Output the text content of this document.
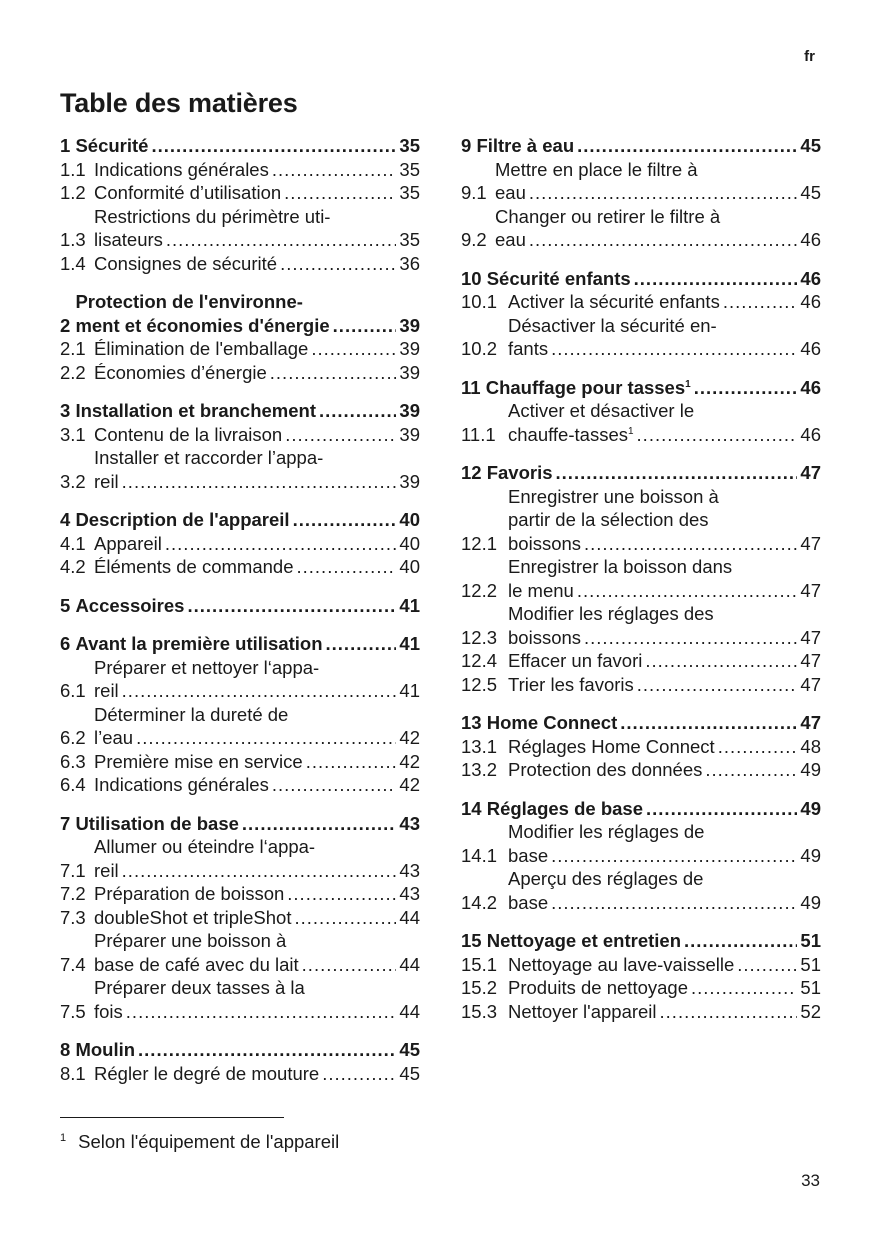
fr
Table des matières
1 Sécurité .....	35
1.1 Indications générales .....	35
1.2 Conformité d’utilisation .....	35
1.3
Restrictions du périmètre uti-
lisateurs .....	35
1.4 Consignes de sécurité .....	36
2
Protection de l'environne-
ment et économies d'énergie .....	39
2.1 Élimination de l'emballage .....	39
2.2 Économies d’énergie .....	39
3 Installation et branchement .....	39
3.1 Contenu de la livraison .....	39
3.2
Installer et raccorder l’appa-
reil .....	39
4 Description de l'appareil .....	40
4.1 Appareil .....	40
4.2 Éléments de commande .....	40
5 Accessoires .....	41
6 Avant la première utilisation .....	41
6.1
Préparer et nettoyer l‘appa-
reil .....	41
6.2
Déterminer la dureté de
l’eau .....	42
6.3 Première mise en service .....	42
6.4 Indications générales .....	42
7 Utilisation de base .....	43
7.1
Allumer ou éteindre l‘appa-
reil .....	43
7.2 Préparation de boisson .....	43
7.3 doubleShot et tripleShot .....	44
7.4
Préparer une boisson à
base de café avec du lait .....	44
7.5
Préparer deux tasses à la
fois .....	44
8 Moulin .....	45
8.1 Régler le degré de mouture .....	45
9 Filtre à eau .....	45
9.1
Mettre en place le filtre à
eau .....	45
9.2
Changer ou retirer le filtre à
eau .....	46
10 Sécurité enfants .....	46
10.1 Activer la sécurité enfants .....	46
10.2
Désactiver la sécurité en-
fants .....	46
11 Chauffage pour tasses$^1$ .....	46
11.1
Activer et désactiver le
chauffe-tasses$^1$ .....	46
12 Favoris .....	47
12.1
Enregistrer une boisson à
partir de la sélection des
boissons .....	47
12.2
Enregistrer la boisson dans
le menu .....	47
12.3
Modifier les réglages des
boissons .....	47
12.4 Effacer un favori .....	47
12.5 Trier les favoris .....	47
13 Home Connect .....	47
13.1 Réglages Home Connect .....	48
13.2 Protection des données .....	49
14 Réglages de base .....	49
14.1
Modifier les réglages de
base .....	49
14.2
Aperçu des réglages de
base .....	49
15 Nettoyage et entretien .....	51
15.1 Nettoyage au lave-vaisselle .....	51
15.2 Produits de nettoyage .....	51
15.3 Nettoyer l'appareil .....	52
$^1$ Selon l'équipement de l'appareil
33
